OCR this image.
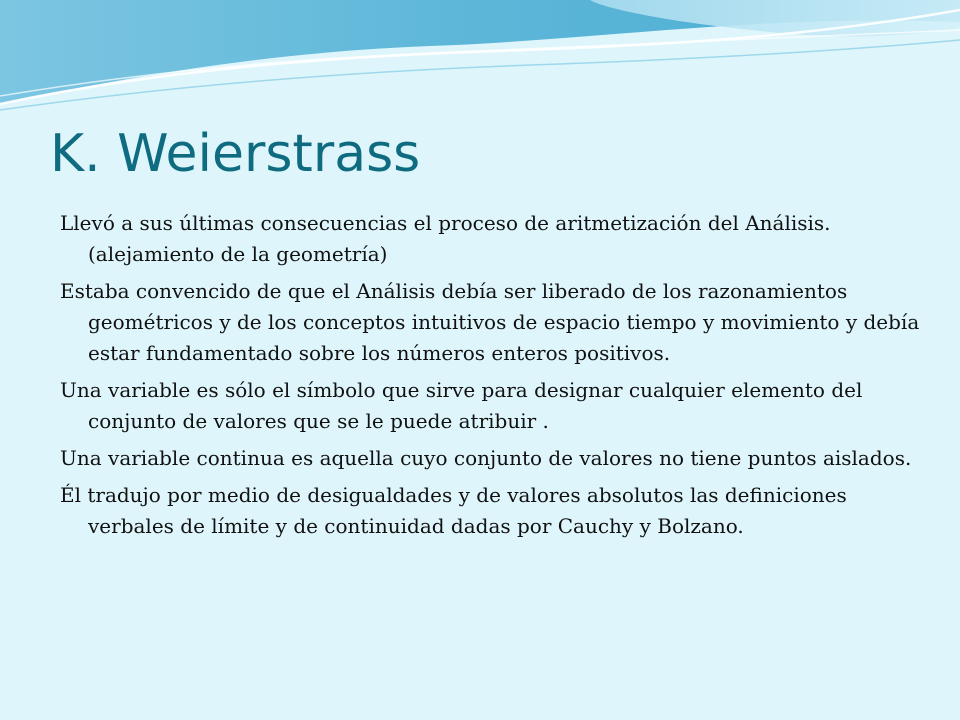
K. Weierstrass
Llevó a sus últimas consecuencias el proceso de aritmetización del Análisis. (alejamiento de la geometría)
Estaba convencido de que el Análisis debía ser liberado de los razonamientos geométricos y de los conceptos intuitivos de espacio tiempo y movimiento y debía estar fundamentado sobre los números enteros positivos.
Una variable es sólo el símbolo que sirve para designar cualquier elemento del conjunto de valores que se le puede atribuir .
Una variable continua es aquella cuyo conjunto de valores no tiene puntos aislados.
Él tradujo por medio de desigualdades y de valores absolutos las definiciones verbales de límite y de continuidad dadas por Cauchy y Bolzano.
